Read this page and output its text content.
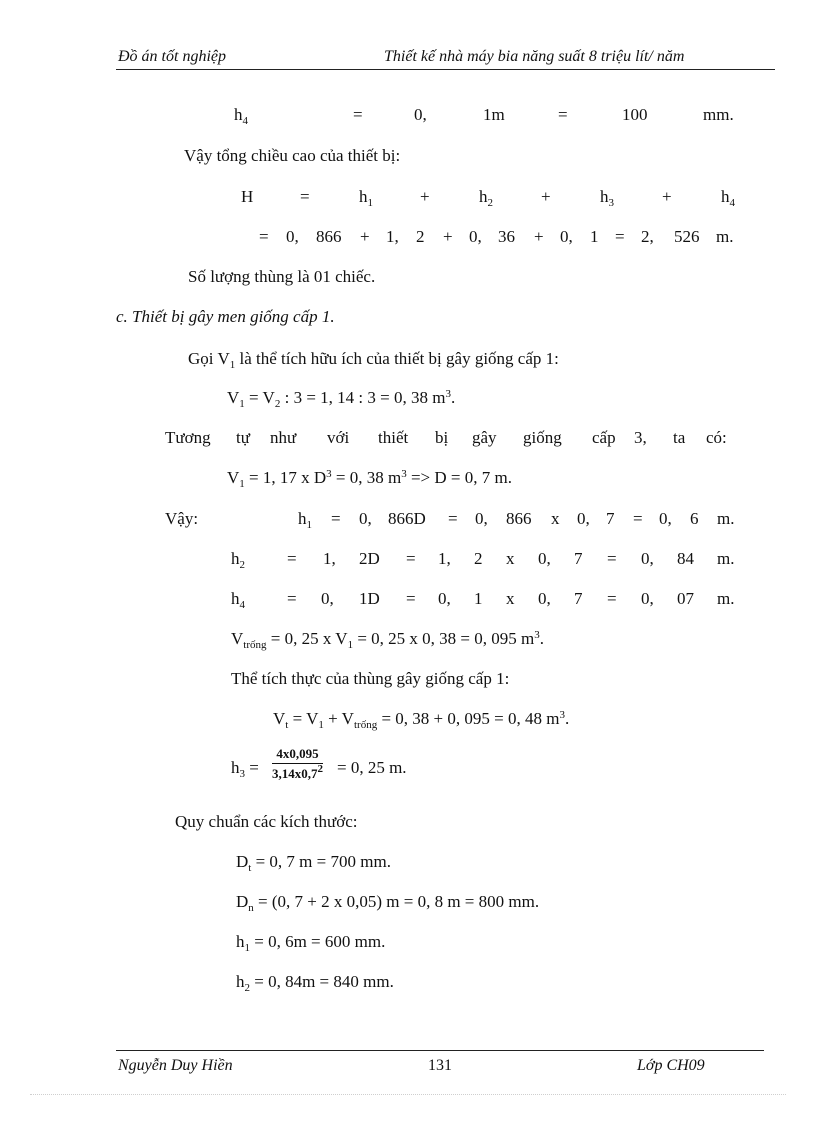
Đồ án tốt nghiệp	Thiết kế nhà máy bia năng suất 8 triệu lít/ năm
$h_4$	=	0,	1m	=	100	mm.
Vậy tổng chiều cao của thiết bị:
H	=	$h_1$	+	$h_2$	+	$h_3$	+	$h_4$
= 0, 866 + 1, 2 + 0, 36 + 0, 1 = 2, 526 m.
Số lượng thùng là 01 chiếc.
c. Thiết bị gây men giống cấp 1.
Gọi $V_1$ là thể tích hữu ích của thiết bị gây giống cấp 1:
$V_1 = V_2$ : 3 = 1, 14 : 3 = 0, 38 $m^3$.
Tương tự như với thiết bị gây giống cấp 3, ta
$V_1 = 1$, 17 x $D^3 = 0$, 38 $m^3 => D = 0$, 7 m.
Vậy:	$h_1 = 0$, 866D = 0, 866 x 0, 7 = 0, 6 m.
$h_2 = 1$, 2D = 1, 2 x 0, 7 = 0, 84 m.
$h_4 = 0$, 1D = 0, 1 x 0, 7 = 0, 07 m.
$V_{trống} = 0$, 25 x $V_1 = 0$, 25 x 0, 38 = 0, 095 $m^3$.
Thể tích thực của thùng gây giống cấp 1:
$V_t = V_1 + V_{trống} = 0$, 38 + 0, 095 = 0, 48 $m^3$.
$h_3$ =
4x0,095
$3,14x0,7^2 = 0$, 25 m.
Quy chuẩn các kích thước:
$D_t = 0$, 7 m = 700 mm.
$D_n = (0$, 7 + 2 x 0,05) m = 0, 8 m = 800 mm.
$h_1 = 0$, 6m = 600 mm.
$h_2 = 0$, 84m = 840 mm.
Nguyễn Duy Hiền	131	Lớp CH09
có:
